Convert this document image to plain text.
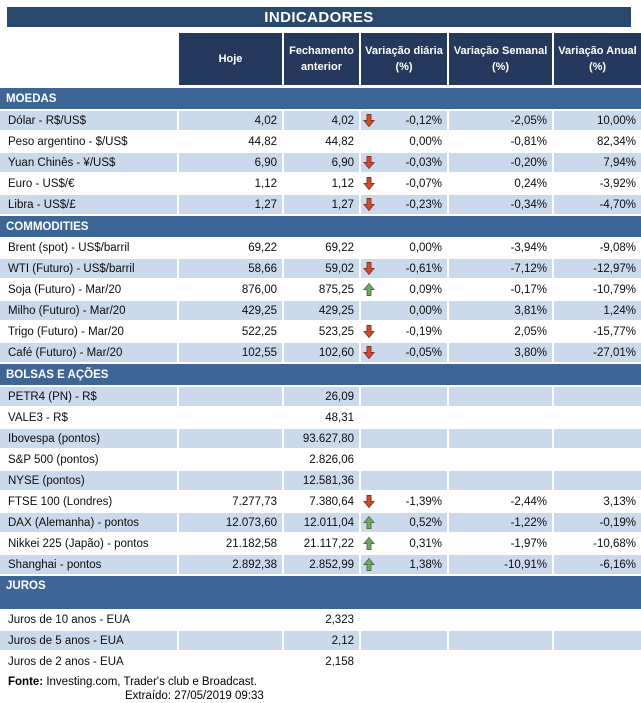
INDICADORES

Hoje

Fechamento
anterior

Variação diária
(%)

Variação Semanal
(%)

Variação Anual
(%)

MOEDAS					
Dólar - R$/US$	4,02	4,02	-0,12%	-2,05%	10,00%
Peso argentino - $/US$	44,82	44,82	0,00%	-0,81%	82,34%
Yuan Chinês - ¥/US$	6,90	6,90	-0,03%	-0,20%	7,94%
Euro - US$/€	1,12	1,12	-0,07%	0,24%	-3,92%
Libra - US$/£	1,27	1,27	-0,23%	-0,34%	-4,70%
COMMODITIES					
Brent (spot) - US$/barril	69,22	69,22	0,00%	-3,94%	-9,08%
WTI (Futuro) - US$/barril	58,66	59,02	-0,61%	-7,12%	-12,97%
Soja (Futuro) - Mar/20	876,00	875,25	0,09%	-0,17%	-10,79%
Milho (Futuro) - Mar/20	429,25	429,25	0,00%	3,81%	1,24%
Trigo (Futuro) - Mar/20	522,25	523,25	-0,19%	2,05%	-15,77%
Café (Futuro) - Mar/20	102,55	102,60	-0,05%	3,80%	-27,01%
BOLSAS E AÇÕES					
PETR4 (PN) - R$		26,09	

VALE3 - R$		48,31	

Ibovespa (pontos)		93.627,80	

S&P 500 (pontos)		2.826,06	

NYSE (pontos)		12.581,36	

FTSE 100 (Londres)	7.277,73	7.380,64	-1,39%	-2,44%	3,13%
DAX (Alemanha) - pontos	12.073,60	12.011,04	0,52%	-1,22%	-0,19%
Nikkei 225 (Japão) - pontos	21.182,58	21.117,22	0,31%	-1,97%	-10,68%
Shanghai - pontos	2.892,38	2.852,99	1,38%	-10,91%	-6,16%
JUROS					
Juros de 10 anos - EUA		2,323	

Juros de 5 anos - EUA		2,12	

Juros de 2 anos - EUA		2,158	

Fonte: Investing.com, Trader's club e Broadcast.
Extraído: 27/05/2019 09:33
